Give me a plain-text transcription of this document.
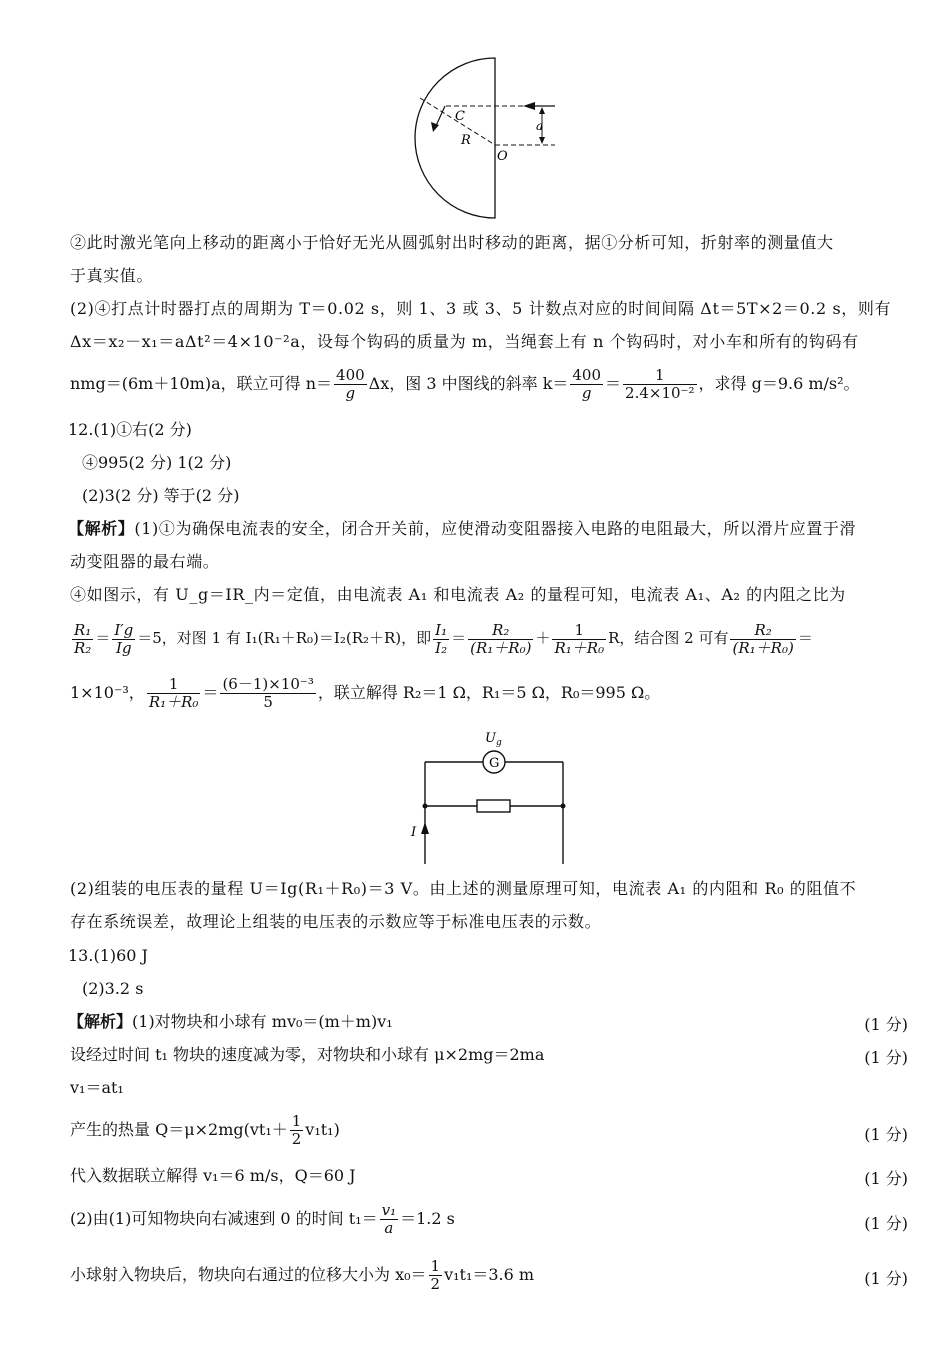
C
R
O
a
②此时激光笔向上移动的距离小于恰好无光从圆弧射出时移动的距离，据①分析可知，折射率的测量值大
于真实值。
(2)④打点计时器打点的周期为 T＝0.02 s，则 1、3 或 3、5 计数点对应的时间间隔 Δt＝5T×2＝0.2 s，则有
Δx＝x₂－x₁＝aΔt²＝4×10⁻²a，设每个钩码的质量为 m，当绳套上有 n 个钩码时，对小车和所有的钩码有
nmg＝(6m＋10m)a，联立可得 $n= \frac{400}{g}$ Δx，图 3 中图线的斜率 $k= \frac{400}{g} = \frac{1}{\text{2.4×10⁻²}}$ ，求得 g＝9.6 m/s²。
12.(1)①右(2 分)
④995(2 分) 1(2 分)
(2)3(2 分) 等于(2 分)
【解析】(1)①为确保电流表的安全，闭合开关前，应使滑动变阻器接入电路的电阻最大，所以滑片应置于滑
动变阻器的最右端。
④如图示，有 U_g＝IR_内＝定值，由电流表 A₁ 和电流表 A₂ 的量程可知，电流表 A₁、A₂ 的内阻之比为
$\frac{\text{R₁}}{\text{R₂}} = \frac{I'g}{Ig} =5$，对图 1 有 I₁(R₁＋R₀)＝I₂(R₂＋R)，即 $\frac{\text{I₁}}{\text{I₂}} = \frac{\text{R₂}}{\text{(R₁＋R₀)}} + \frac{1}{\text{R₁＋R₀}}$ R，结合图 2 可有 $\frac{\text{R₂}}{\text{(R₁＋R₀)}}$ ＝
1×10⁻³， $\frac{1}{\text{R₁＋R₀}} = \frac{\text{(6－1)×10⁻³}}{5}$ ，联立解得 R₂＝1 Ω，R₁＝5 Ω，R₀＝995 Ω。
$U_g$
G
I
(2)组装的电压表的量程 U＝Ig(R₁＋R₀)＝3 V。由上述的测量原理可知，电流表 A₁ 的内阻和 R₀ 的阻值不
存在系统误差，故理论上组装的电压表的示数应等于标准电压表的示数。
13.(1)60 J
(2)3.2 s
【解析】(1)对物块和小球有 mv₀＝(m＋m)v₁	(1 分)
设经过时间 t₁ 物块的速度减为零，对物块和小球有 μ×2mg＝2ma	(1 分)
v₁＝at₁
产生的热量 $Q=\mu\times 2mg(vt_1+ \frac{1}{2} v_1t_1)$	(1 分)
代入数据联立解得 v₁＝6 m/s，Q＝60 J	(1 分)
(2)由(1)可知物块向右减速到 0 的时间 $t_1= \frac{\text{v₁}}{a} =1.2$ s	(1 分)
小球射入物块后，物块向右通过的位移大小为 $x_0= \frac{1}{2} v_1t_1=3.6$ m	(1 分)
